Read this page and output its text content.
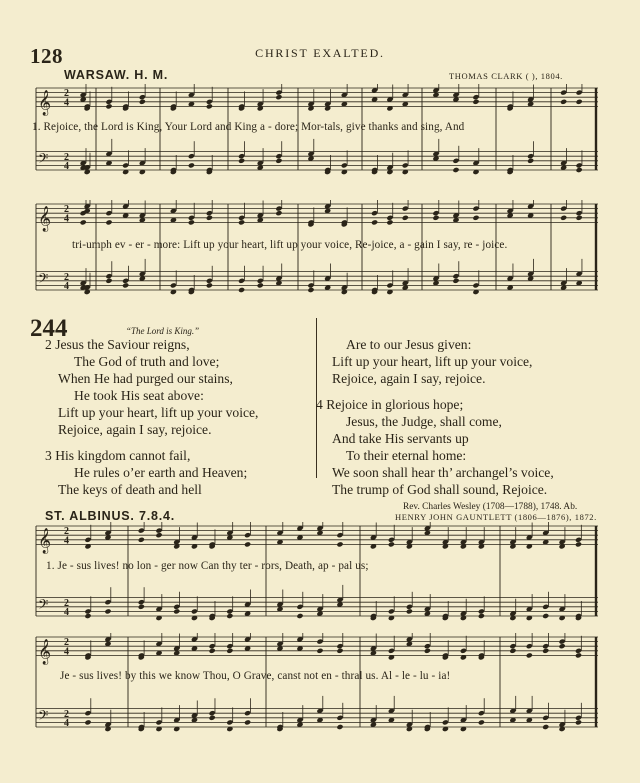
128	CHRIST EXALTED.
WARSAW. H. M.	THOMAS CLARK ( ), 1804.
𝄞 2
4
𝄢 2
4
1. Rejoice, the Lord is King, Your Lord and King a - dore; Mor-tals, give thanks and sing, And
𝄞 2
4
𝄢 2
4
tri-umph ev - er - more: Lift up your heart, lift up your voice, Re-joice, a - gain I say, re - joice.
244	“The Lord is King.”
2 Jesus the Saviour reigns,
The God of truth and love;
When He had purged our stains,
He took His seat above:
Lift up your heart, lift up your voice,
Rejoice, again I say, rejoice.
3 His kingdom cannot fail,
He rules o’er earth and Heaven;
The keys of death and hell
Are to our Jesus given:
Lift up your heart, lift up your voice,
Rejoice, again I say, rejoice.
4 Rejoice in glorious hope;
Jesus, the Judge, shall come,
And take His servants up
To their eternal home:
We soon shall hear th’ archangel’s voice,
The trump of God shall sound, Rejoice.
Rev. Charles Wesley (1708—1788), 1748. Ab.
ST. ALBINUS. 7.8.4.	HENRY JOHN GAUNTLETT (1806—1876), 1872.
𝄞 2
4
𝄢 2
4
1. Je - sus lives! no lon - ger now Can thy ter - rors, Death, ap - pal us;
𝄞 2
4
𝄢 2
4
Je - sus lives! by this we know Thou, O Grave, canst not en - thral us. Al - le - lu - ia!
